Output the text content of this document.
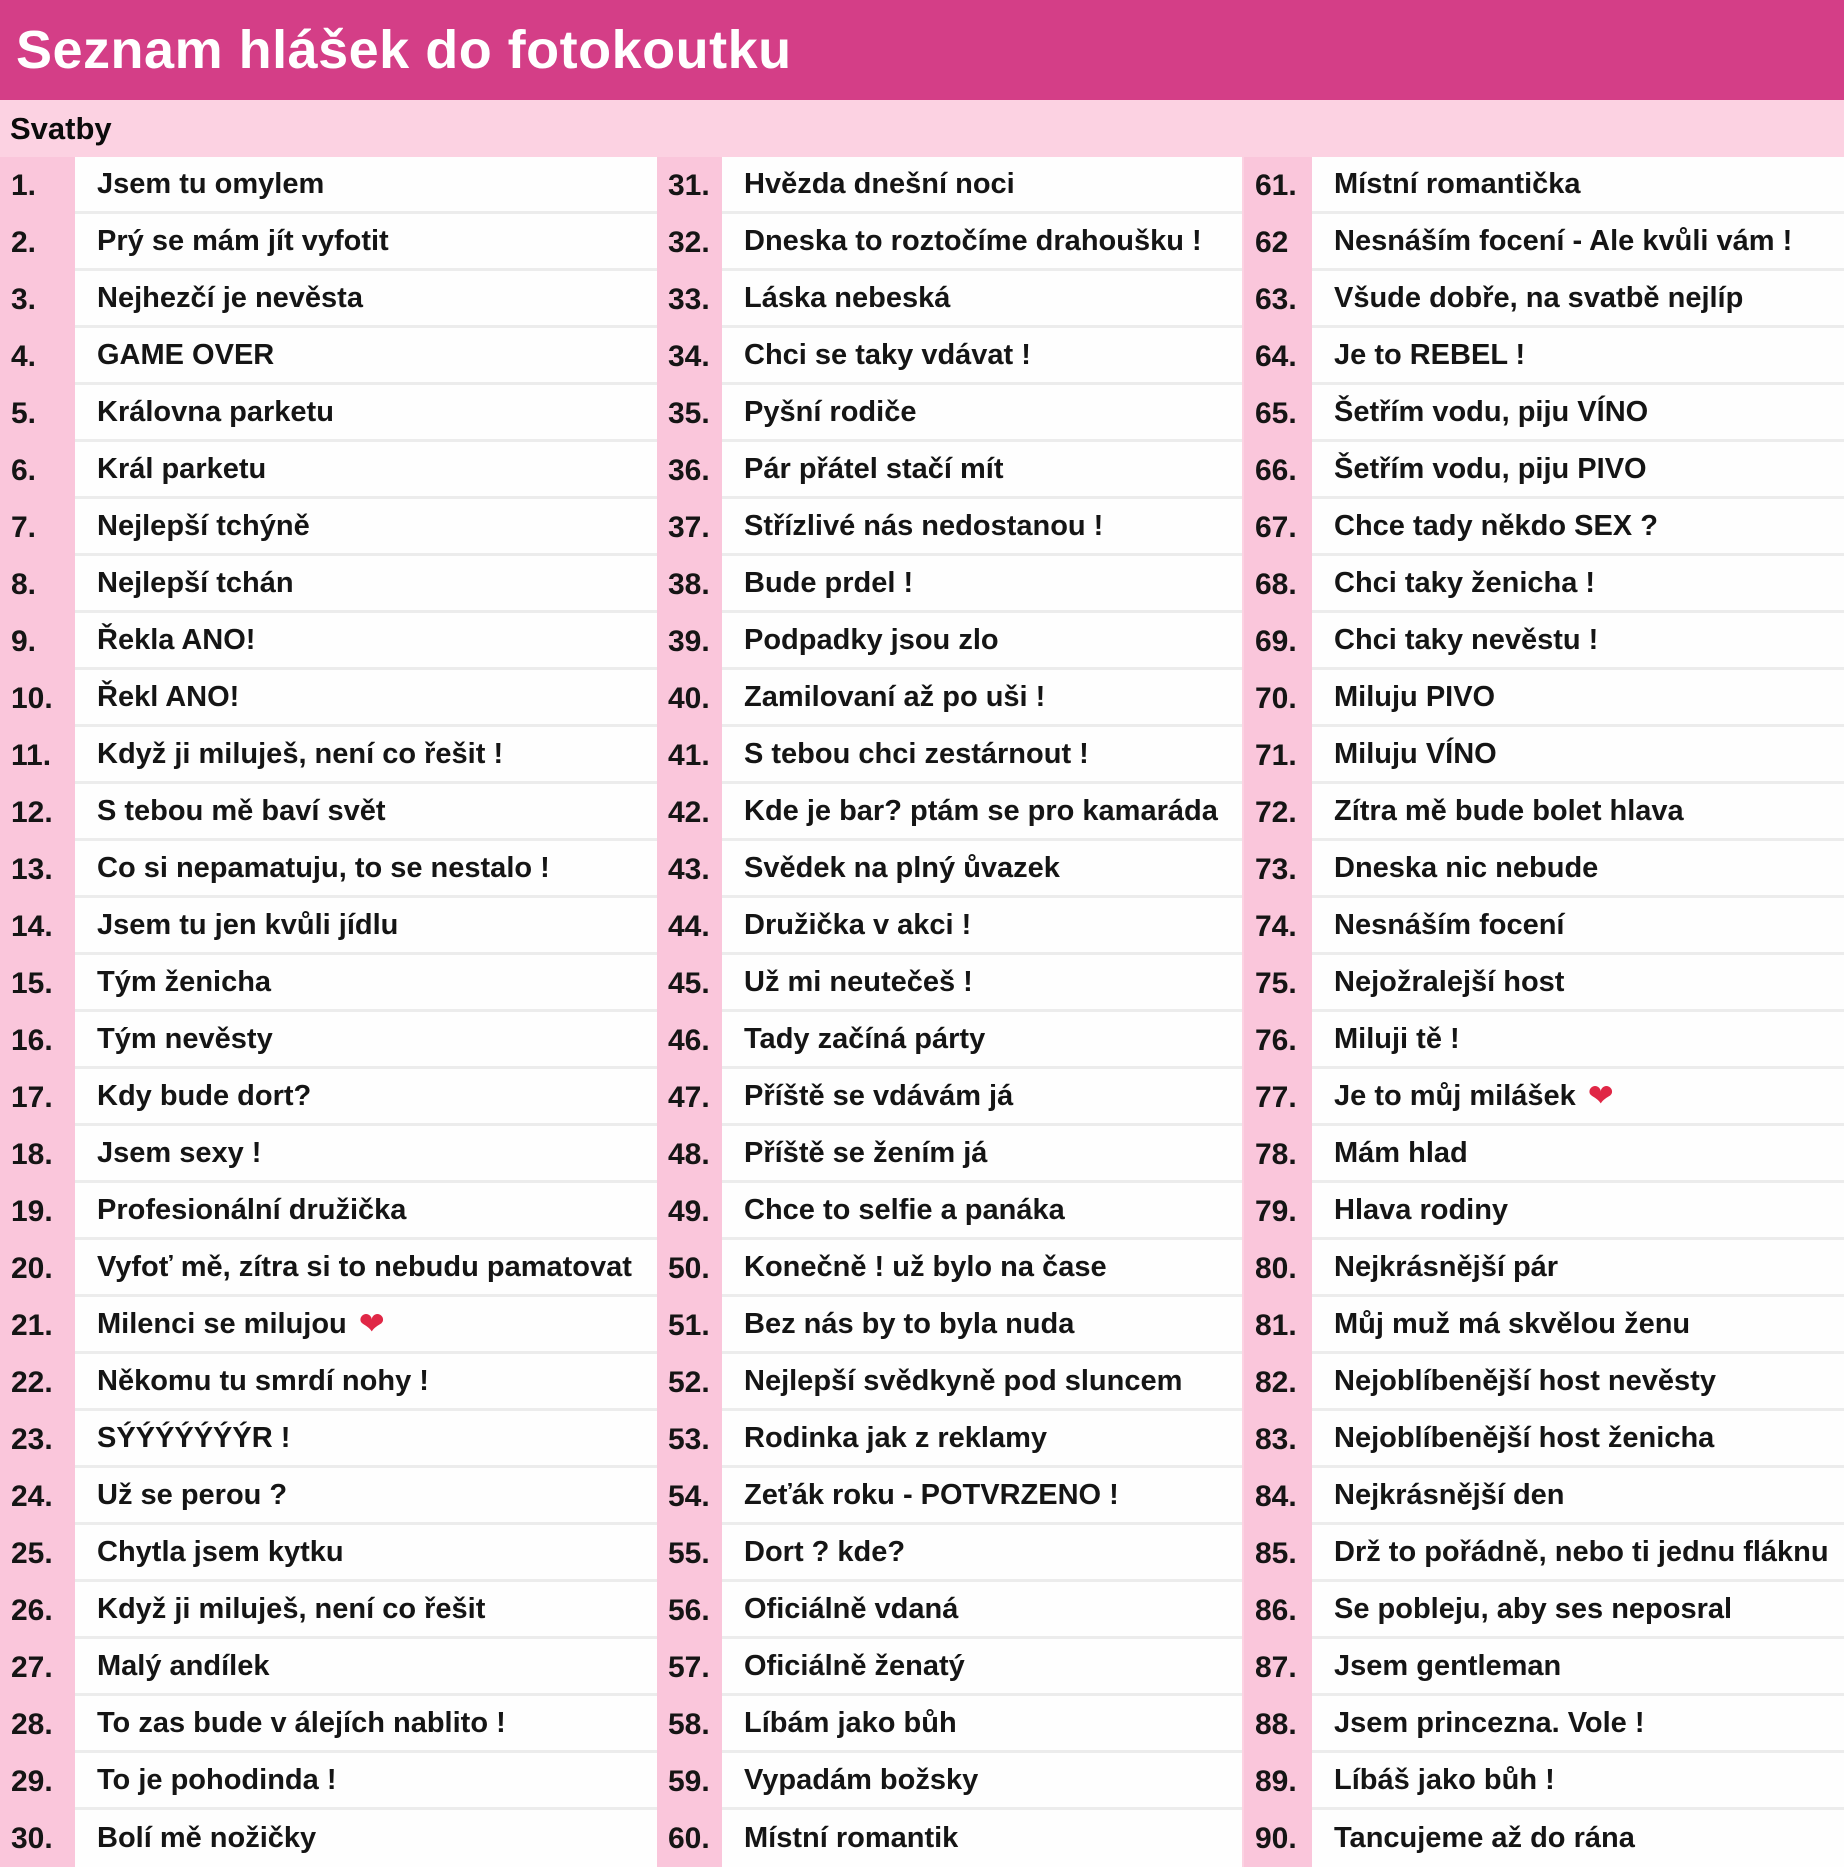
Seznam hlášek do fotokoutku
Svatby
1.	Jsem tu omylem
2.	Prý se mám jít vyfotit
3.	Nejhezčí je nevěsta
4.	GAME OVER
5.	Královna parketu
6.	Král parketu
7.	Nejlepší tchýně
8.	Nejlepší tchán
9.	Řekla ANO!
10.	Řekl ANO!
11.	Když ji miluješ, není co řešit !
12.	S tebou mě baví svět
13.	Co si nepamatuju, to se nestalo !
14.	Jsem tu jen kvůli jídlu
15.	Tým ženicha
16.	Tým nevěsty
17.	Kdy bude dort?
18.	Jsem sexy !
19.	Profesionální družička
20.	Vyfoť mě, zítra si to nebudu pamatovat
21.	Milenci se milujou ❤
22.	Někomu tu smrdí nohy !
23.	SÝÝÝÝÝÝÝR !
24.	Už se perou ?
25.	Chytla jsem kytku
26.	Když ji miluješ, není co řešit
27.	Malý andílek
28.	To zas bude v álejích nablito !
29.	To je pohodinda !
30.	Bolí mě nožičky
31.	Hvězda dnešní noci
32.	Dneska to roztočíme drahoušku !
33.	Láska nebeská
34.	Chci se taky vdávat !
35.	Pyšní rodiče
36.	Pár přátel stačí mít
37.	Střízlivé nás nedostanou !
38.	Bude prdel !
39.	Podpadky jsou zlo
40.	Zamilovaní až po uši !
41.	S tebou chci zestárnout !
42.	Kde je bar? ptám se pro kamaráda
43.	Svědek na plný ůvazek
44.	Družička v akci !
45.	Už mi neutečeš !
46.	Tady začíná párty
47.	Příště se vdávám já
48.	Příště se žením já
49.	Chce to selfie a panáka
50.	Konečně ! už bylo na čase
51.	Bez nás by to byla nuda
52.	Nejlepší svědkyně pod sluncem
53.	Rodinka jak z reklamy
54.	Zeťák roku - POTVRZENO !
55.	Dort ? kde?
56.	Oficiálně vdaná
57.	Oficiálně ženatý
58.	Líbám jako bůh
59.	Vypadám božsky
60.	Místní romantik
61.	Místní romantička
62	Nesnáším focení - Ale kvůli vám !
63.	Všude dobře, na svatbě nejlíp
64.	Je to REBEL !
65.	Šetřím vodu, piju VÍNO
66.	Šetřím vodu, piju PIVO
67.	Chce tady někdo SEX ?
68.	Chci taky ženicha !
69.	Chci taky nevěstu !
70.	Miluju PIVO
71.	Miluju VÍNO
72.	Zítra mě bude bolet hlava
73.	Dneska nic nebude
74.	Nesnáším focení
75.	Nejožralejší host
76.	Miluji tě !
77.	Je to můj milášek ❤
78.	Mám hlad
79.	Hlava rodiny
80.	Nejkrásnější pár
81.	Můj muž má skvělou ženu
82.	Nejoblíbenější host nevěsty
83.	Nejoblíbenější host ženicha
84.	Nejkrásnější den
85.	Drž to pořádně, nebo ti jednu fláknu
86.	Se pobleju, aby ses neposral
87.	Jsem gentleman
88.	Jsem princezna. Vole !
89.	Líbáš jako bůh !
90.	Tancujeme až do rána
